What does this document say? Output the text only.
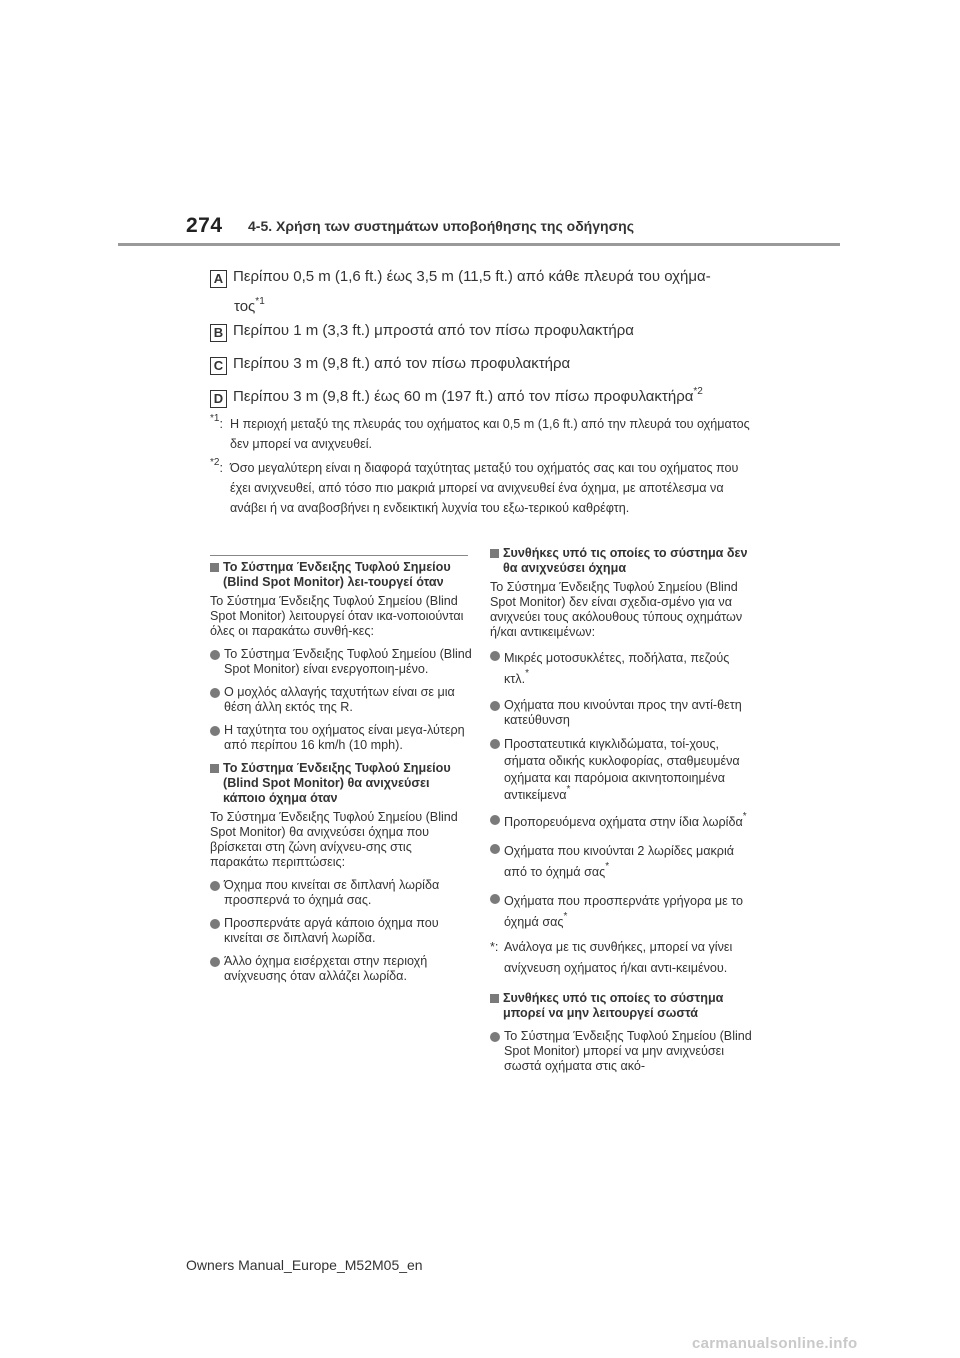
274 4-5. Χρήση των συστημάτων υποβοήθησης της οδήγησης
A Περίπου 0,5 m (1,6 ft.) έως 3,5 m (11,5 ft.) από κάθε πλευρά του οχήμα-
τος$^{*1}$
B Περίπου 1 m (3,3 ft.) μπροστά από τον πίσω προφυλακτήρα
C Περίπου 3 m (9,8 ft.) από τον πίσω προφυλακτήρα
D Περίπου 3 m (9,8 ft.) έως 60 m (197 ft.) από τον πίσω προφυλακτήρα$^{*2}$
$^{*1}$: Η περιοχή μεταξύ της πλευράς του οχήματος και 0,5 m (1,6 ft.) από την πλευρά του οχήματος δεν μπορεί να ανιχνευθεί.
$^{*2}$: Όσο μεγαλύτερη είναι η διαφορά ταχύτητας μεταξύ του οχήματός σας και του οχήματος που έχει ανιχνευθεί, από τόσο πιο μακριά μπορεί να ανιχνευθεί ένα όχημα, με αποτέλεσμα να ανάβει ή να αναβοσβήνει η ενδεικτική λυχνία του εξω-τερικού καθρέφτη.
Το Σύστημα Ένδειξης Τυφλού Σημείου (Blind Spot Monitor) λει-τουργεί όταν
Το Σύστημα Ένδειξης Τυφλού Σημείου (Blind Spot Monitor) λειτουργεί όταν ικα-νοποιούνται όλες οι παρακάτω συνθή-κες:
Το Σύστημα Ένδειξης Τυφλού Σημείου (Blind Spot Monitor) είναι ενεργοποιη-μένο.
Ο μοχλός αλλαγής ταχυτήτων είναι σε μια θέση άλλη εκτός της R.
Η ταχύτητα του οχήματος είναι μεγα-λύτερη από περίπου 16 km/h (10 mph).
Το Σύστημα Ένδειξης Τυφλού Σημείου (Blind Spot Monitor) θα ανιχνεύσει κάποιο όχημα όταν
Το Σύστημα Ένδειξης Τυφλού Σημείου (Blind Spot Monitor) θα ανιχνεύσει όχημα που βρίσκεται στη ζώνη ανίχνευ-σης στις παρακάτω περιπτώσεις:
Όχημα που κινείται σε διπλανή λωρίδα προσπερνά το όχημά σας.
Προσπερνάτε αργά κάποιο όχημα που κινείται σε διπλανή λωρίδα.
Άλλο όχημα εισέρχεται στην περιοχή ανίχνευσης όταν αλλάζει λωρίδα.
Συνθήκες υπό τις οποίες το σύστημα δεν θα ανιχνεύσει όχημα
Το Σύστημα Ένδειξης Τυφλού Σημείου (Blind Spot Monitor) δεν είναι σχεδια-σμένο για να ανιχνεύει τους ακόλουθους τύπους οχημάτων ή/και αντικειμένων:
Μικρές μοτοσυκλέτες, ποδήλατα, πεζούς κτλ.*
Οχήματα που κινούνται προς την αντί-θετη κατεύθυνση
Προστατευτικά κιγκλιδώματα, τοί-χους, σήματα οδικής κυκλοφορίας, σταθμευμένα οχήματα και παρόμοια ακινητοποιημένα αντικείμενα*
Προπορευόμενα οχήματα στην ίδια λωρίδα*
Οχήματα που κινούνται 2 λωρίδες μακριά από το όχημά σας*
Οχήματα που προσπερνάτε γρήγορα με το όχημά σας*
*: Ανάλογα με τις συνθήκες, μπορεί να γίνει ανίχνευση οχήματος ή/και αντι-κειμένου.
Συνθήκες υπό τις οποίες το σύστημα μπορεί να μην λειτουργεί σωστά
Το Σύστημα Ένδειξης Τυφλού Σημείου (Blind Spot Monitor) μπορεί να μην ανιχνεύσει σωστά οχήματα στις ακό-
Owners Manual_Europe_M52M05_en
carmanualsonline.info
